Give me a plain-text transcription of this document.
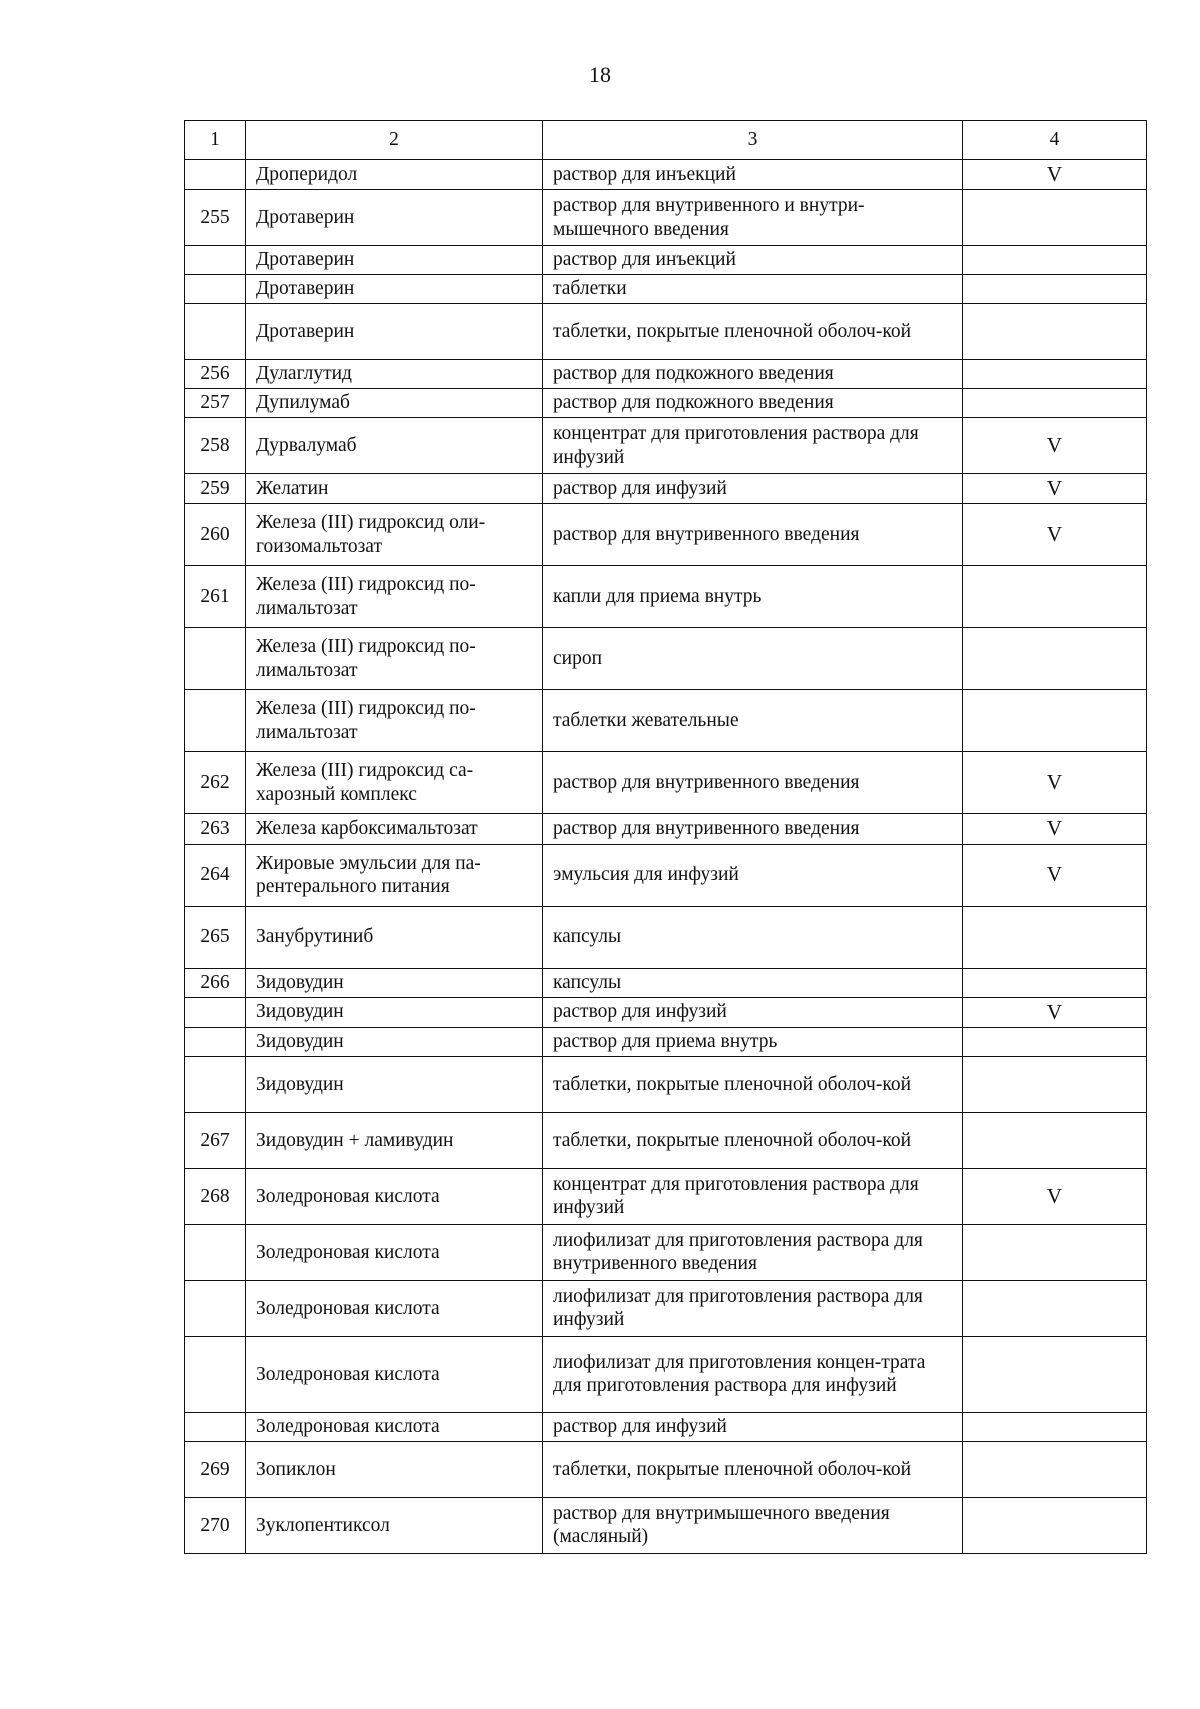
18
1	2	3	4
	Дроперидол	раствор для инъекций	V
255	Дротаверин	раствор для внутривенного и внутри-мышечного введения	
	Дротаверин	раствор для инъекций	
	Дротаверин	таблетки	
	Дротаверин	таблетки, покрытые пленочной оболоч-кой	
256	Дулаглутид	раствор для подкожного введения	
257	Дупилумаб	раствор для подкожного введения	
258	Дурвалумаб	концентрат для приготовления раствора для инфузий	V
259	Желатин	раствор для инфузий	V
260	Железа (III) гидроксид оли-гоизомальтозат	раствор для внутривенного введения	V
261	Железа (III) гидроксид по-лимальтозат	капли для приема внутрь	
	Железа (III) гидроксид по-лимальтозат	сироп	
	Железа (III) гидроксид по-лимальтозат	таблетки жевательные	
262	Железа (III) гидроксид са-харозный комплекс	раствор для внутривенного введения	V
263	Железа карбоксимальтозат	раствор для внутривенного введения	V
264	Жировые эмульсии для па-рентерального питания	эмульсия для инфузий	V
265	Занубрутиниб	капсулы	
266	Зидовудин	капсулы	
	Зидовудин	раствор для инфузий	V
	Зидовудин	раствор для приема внутрь	
	Зидовудин	таблетки, покрытые пленочной оболоч-кой	
267	Зидовудин + ламивудин	таблетки, покрытые пленочной оболоч-кой	
268	Золедроновая кислота	концентрат для приготовления раствора для инфузий	V
	Золедроновая кислота	лиофилизат для приготовления раствора для внутривенного введения	
	Золедроновая кислота	лиофилизат для приготовления раствора для инфузий	
	Золедроновая кислота	лиофилизат для приготовления концен-трата для приготовления раствора для инфузий	
	Золедроновая кислота	раствор для инфузий	
269	Зопиклон	таблетки, покрытые пленочной оболоч-кой	
270	Зуклопентиксол	раствор для внутримышечного введения (масляный)	
